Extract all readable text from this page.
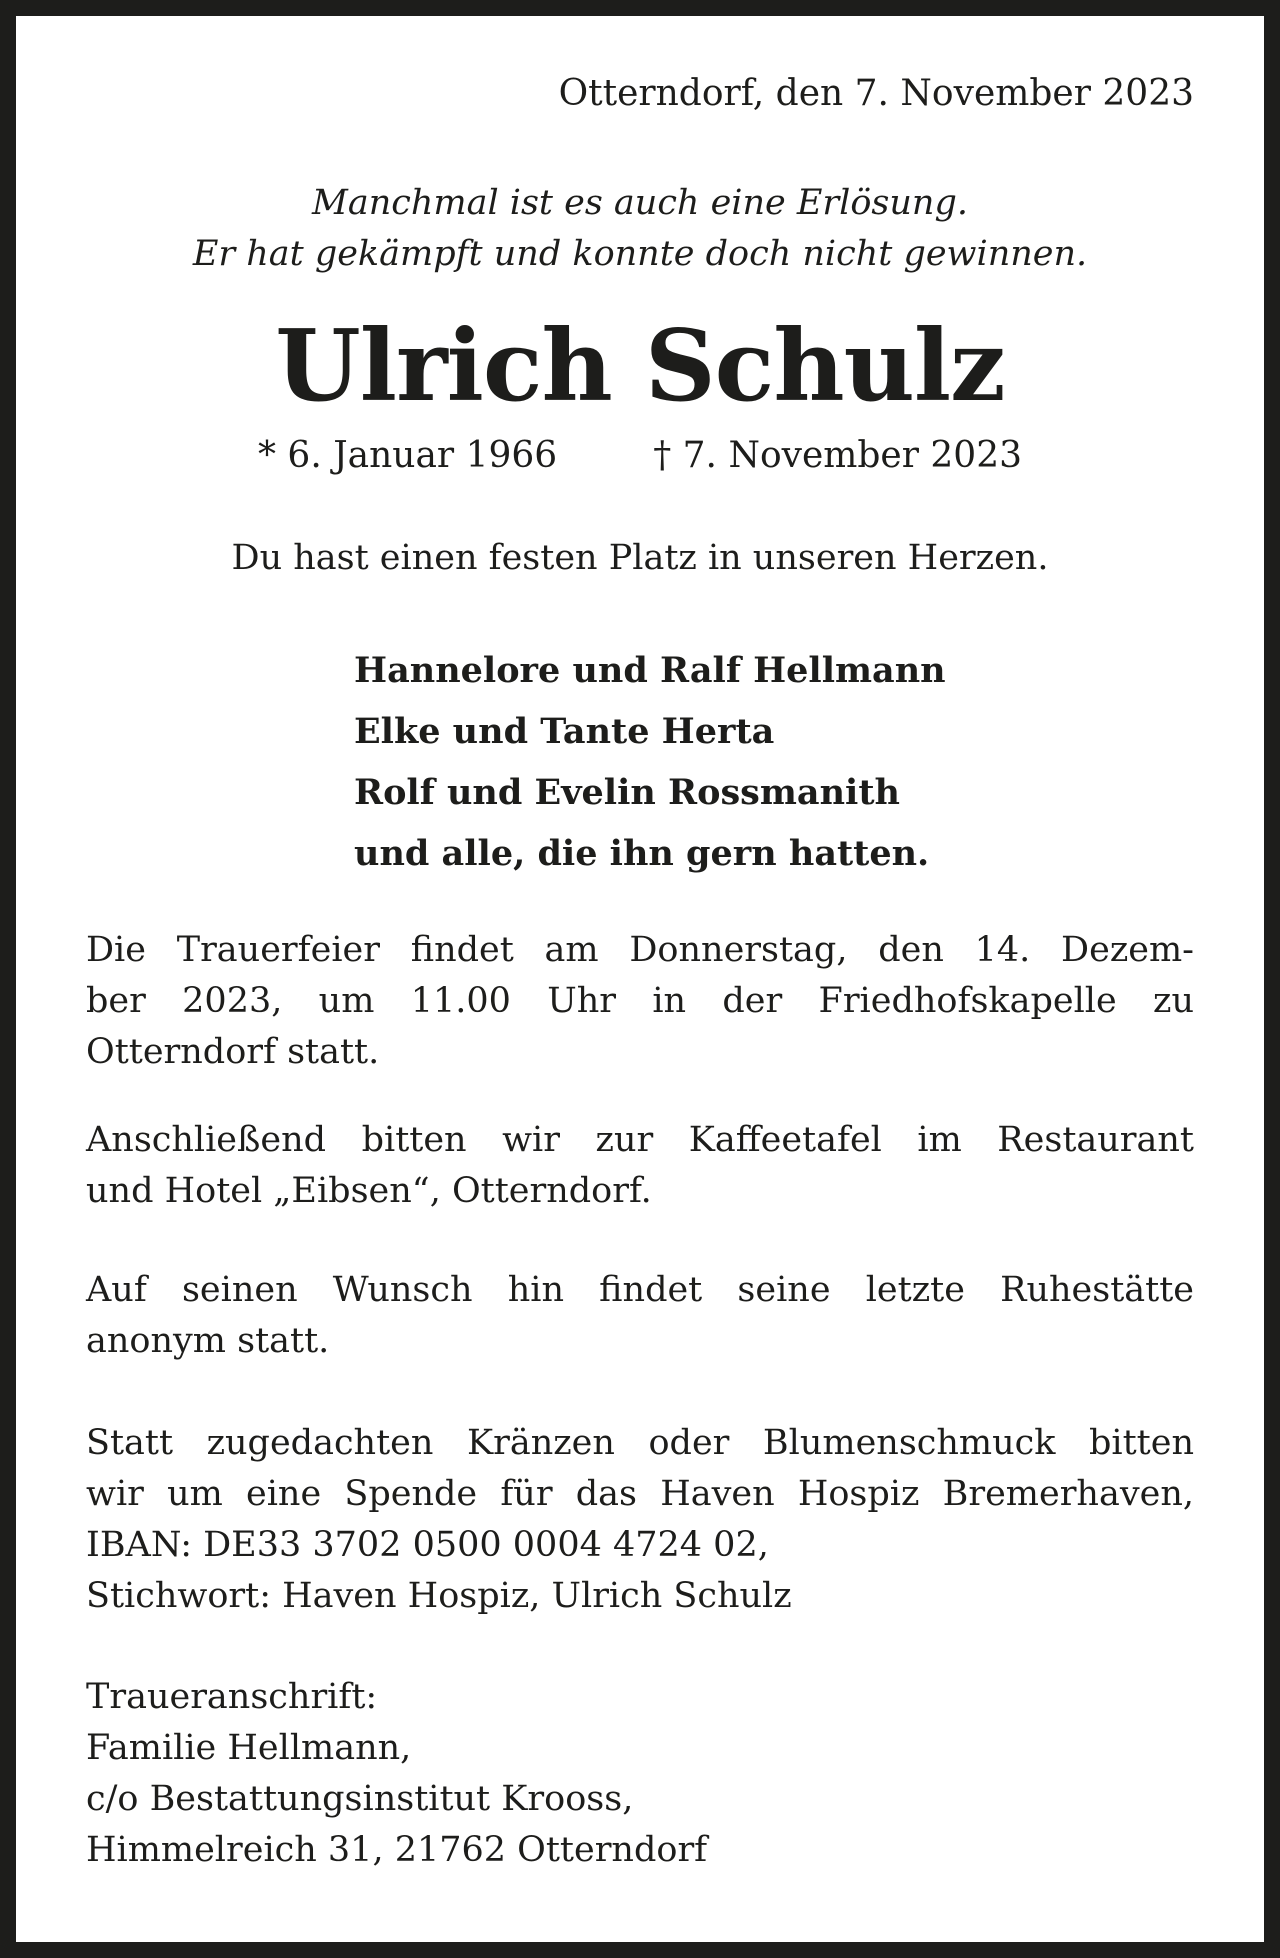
Otterndorf, den 7. November 2023
Manchmal ist es auch eine Erlösung.
Er hat gekämpft und konnte doch nicht gewinnen.
Ulrich Schulz
* 6. Januar 1966	† 7. November 2023
Du hast einen festen Platz in unseren Herzen.
Hannelore und Ralf Hellmann
Elke und Tante Herta
Rolf und Evelin Rossmanith
und alle, die ihn gern hatten.
Die Trauerfeier findet am Donnerstag, den 14. Dezem-
ber 2023, um 11.00 Uhr in der Friedhofskapelle zu
Otterndorf statt.
Anschließend bitten wir zur Kaffeetafel im Restaurant
und Hotel „Eibsen“, Otterndorf.
Auf seinen Wunsch hin findet seine letzte Ruhestätte
anonym statt.
Statt zugedachten Kränzen oder Blumenschmuck bitten
wir um eine Spende für das Haven Hospiz Bremerhaven,
IBAN: DE33 3702 0500 0004 4724 02,
Stichwort: Haven Hospiz, Ulrich Schulz
Traueranschrift:
Familie Hellmann,
c/o Bestattungsinstitut Krooss,
Himmelreich 31, 21762 Otterndorf
